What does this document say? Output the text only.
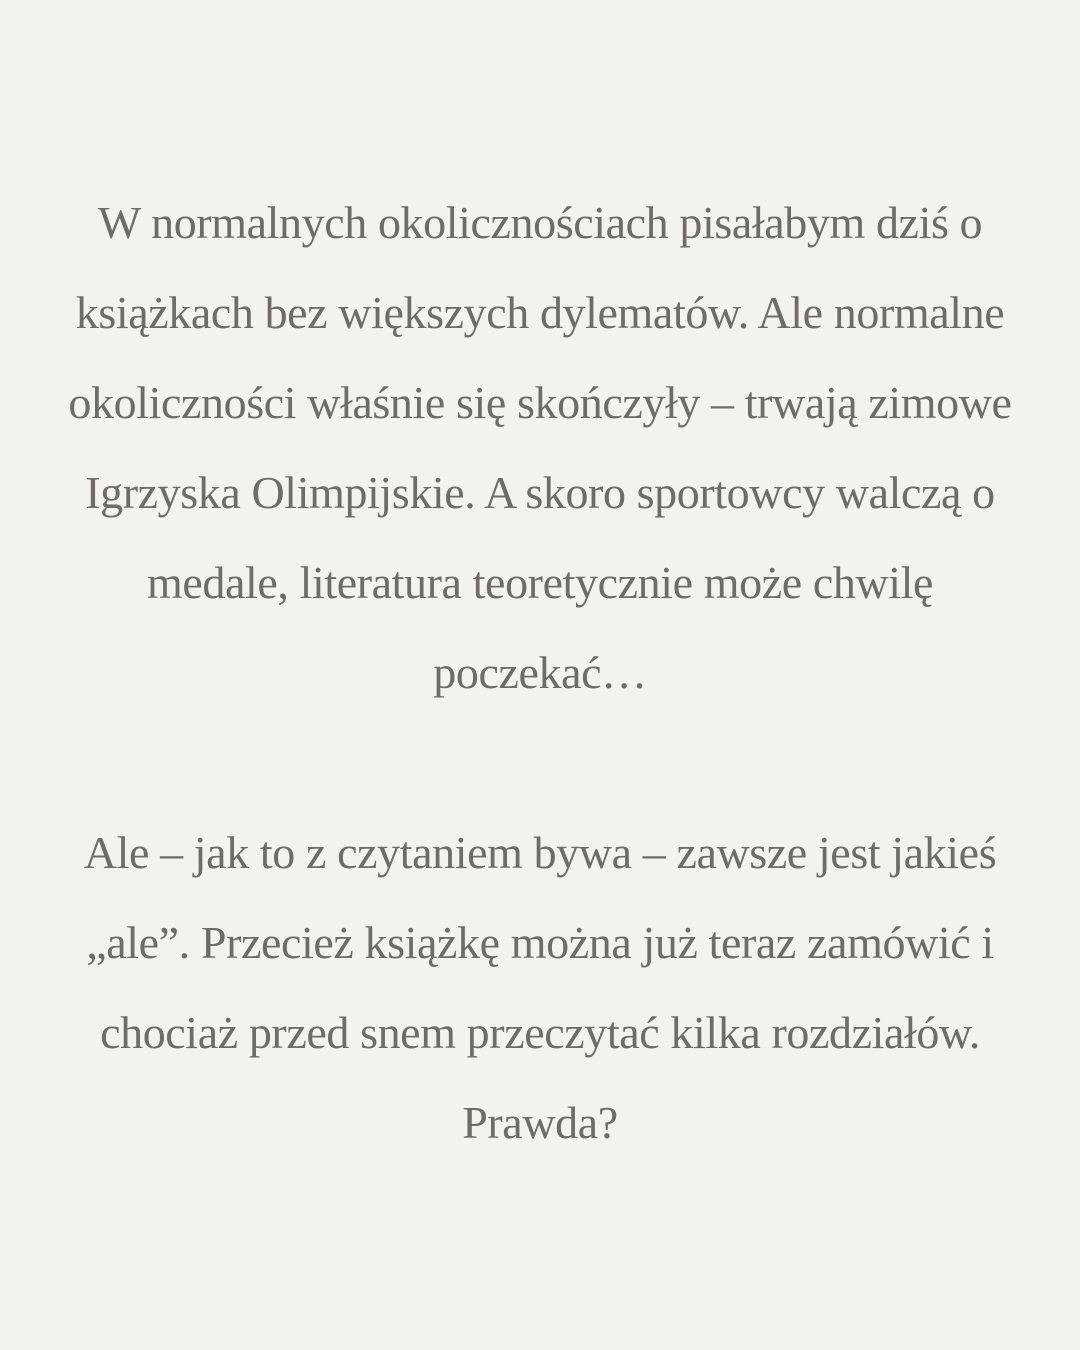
W normalnych okolicznościach pisałabym dziś o
książkach bez większych dylematów. Ale normalne
okoliczności właśnie się skończyły – trwają zimowe
Igrzyska Olimpijskie. A skoro sportowcy walczą o
medale, literatura teoretycznie może chwilę
poczekać…

Ale – jak to z czytaniem bywa – zawsze jest jakieś
„ale”. Przecież książkę można już teraz zamówić i
chociaż przed snem przeczytać kilka rozdziałów.
Prawda?
